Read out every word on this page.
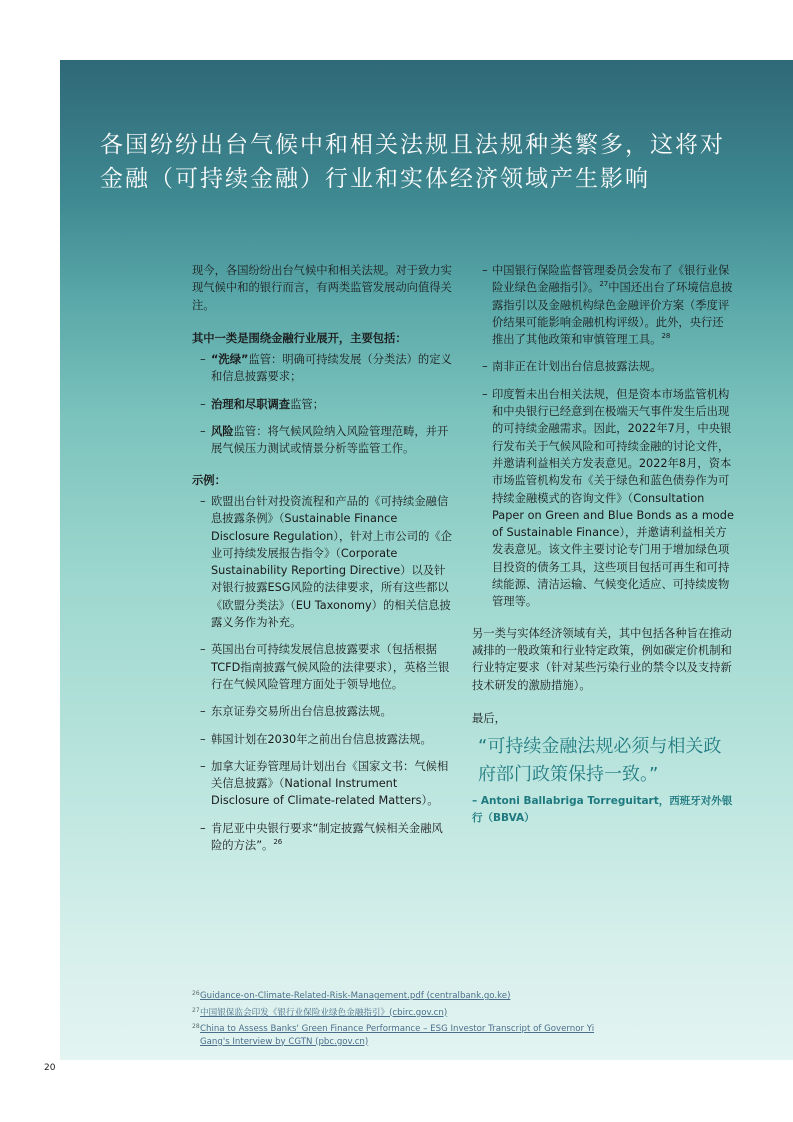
各国纷纷出台气候中和相关法规且法规种类繁多，这将对
金融（可持续金融）行业和实体经济领域产生影响

现今，各国纷纷出台气候中和相关法规。对于致力实现气候中和的银行而言，有两类监管发展动向值得关注。

其中一类是围绕金融行业展开，主要包括：

– “洗绿”监管：明确可持续发展（分类法）的定义和信息披露要求；
– 治理和尽职调查监管；
– 风险监管：将气候风险纳入风险管理范畴，并开展气候压力测试或情景分析等监管工作。

示例：

– 欧盟出台针对投资流程和产品的《可持续金融信息披露条例》（Sustainable Finance Disclosure Regulation），针对上市公司的《企业可持续发展报告指令》（Corporate Sustainability Reporting Directive）以及针对银行披露ESG风险的法律要求，所有这些都以《欧盟分类法》（EU Taxonomy）的相关信息披露义务作为补充。
– 英国出台可持续发展信息披露要求（包括根据TCFD指南披露气候风险的法律要求），英格兰银行在气候风险管理方面处于领导地位。
– 东京证券交易所出台信息披露法规。
– 韩国计划在2030年之前出台信息披露法规。
– 加拿大证券管理局计划出台《国家文书：气候相关信息披露》（National Instrument Disclosure of Climate-related Matters）。
– 肯尼亚中央银行要求“制定披露气候相关金融风险的方法”。$^{26}$
– 中国银行保险监督管理委员会发布了《银行业保险业绿色金融指引》。$^{27}$中国还出台了环境信息披露指引以及金融机构绿色金融评价方案（季度评价结果可能影响金融机构评级）。此外，央行还推出了其他政策和审慎管理工具。$^{28}$
– 南非正在计划出台信息披露法规。
– 印度暂未出台相关法规，但是资本市场监管机构和中央银行已经意到在极端天气事件发生后出现的可持续金融需求。因此，2022年7月，中央银行发布关于气候风险和可持续金融的讨论文件，并邀请利益相关方发表意见。2022年8月，资本市场监管机构发布《关于绿色和蓝色债券作为可持续金融模式的咨询文件》（Consultation Paper on Green and Blue Bonds as a mode of Sustainable Finance），并邀请利益相关方发表意见。该文件主要讨论专门用于增加绿色项目投资的债务工具，这些项目包括可再生和可持续能源、清洁运输、气候变化适应、可持续废物管理等。

另一类与实体经济领域有关，其中包括各种旨在推动减排的一般政策和行业特定政策，例如碳定价机制和行业特定要求（针对某些污染行业的禁令以及支持新技术研发的激励措施）。

最后，

“可持续金融法规必须与相关政府部门政策保持一致。”

– Antoni Ballabriga Torreguitart，西班牙对外银行（BBVA）

26 Guidance-on-Climate-Related-Risk-Management.pdf (centralbank.go.ke)

27 中国银保监会印发《银行业保险业绿色金融指引》(cbirc.gov.cn)

28 China to Assess Banks' Green Finance Performance – ESG Investor Transcript of Governor Yi Gang's Interview by CGTN (pbc.gov.cn)

20
